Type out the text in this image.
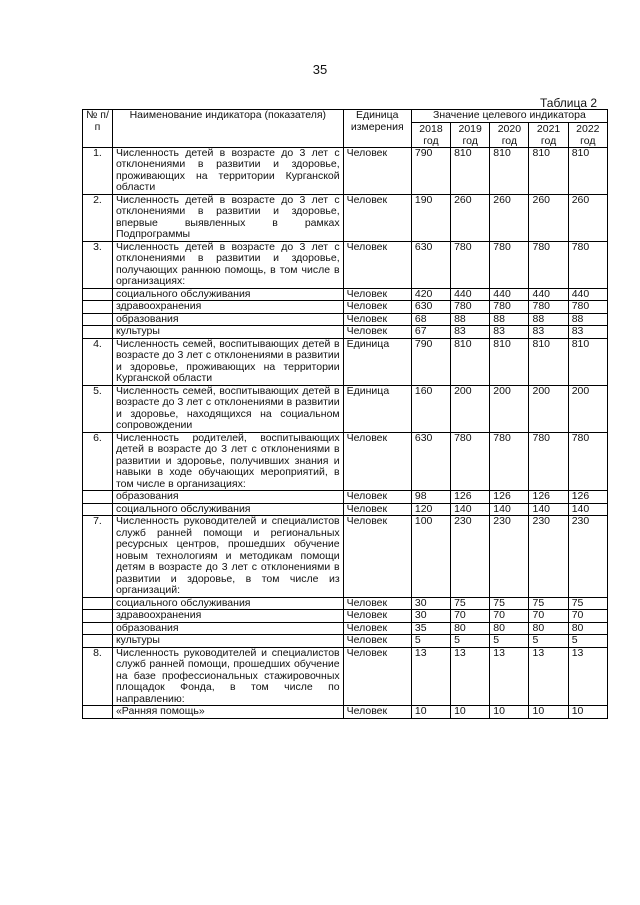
35
Таблица 2
№ п/п	Наименование индикатора (показателя)	Единица измерения	Значение целевого индикатора				
			2018 год	2019 год	2020 год	2021 год	2022 год
1.	Численность детей в возрасте до 3 лет с отклонениями в развитии и здоровье, проживающих на территории Курганской области	Человек	790	810	810	810	810
2.	Численность детей в возрасте до 3 лет с отклонениями в развитии и здоровье, впервые выявленных в рамках Подпрограммы	Человек	190	260	260	260	260
3.	Численность детей в возрасте до 3 лет с отклонениями в развитии и здоровье, получающих раннюю помощь, в том числе в организациях:	Человек	630	780	780	780	780
	социального обслуживания	Человек	420	440	440	440	440
	здравоохранения	Человек	630	780	780	780	780
	образования	Человек	68	88	88	88	88
	культуры	Человек	67	83	83	83	83
4.	Численность семей, воспитывающих детей в возрасте до 3 лет с отклонениями в развитии и здоровье, проживающих на территории Курганской области	Единица	790	810	810	810	810
5.	Численность семей, воспитывающих детей в возрасте до 3 лет с отклонениями в развитии и здоровье, находящихся на социальном сопровождении	Единица	160	200	200	200	200
6.	Численность родителей, воспитывающих детей в возрасте до 3 лет с отклонениями в развитии и здоровье, получивших знания и навыки в ходе обучающих мероприятий, в том числе в организациях:	Человек	630	780	780	780	780
	образования	Человек	98	126	126	126	126
	социального обслуживания	Человек	120	140	140	140	140
7.	Численность руководителей и специалистов служб ранней помощи и региональных ресурсных центров, прошедших обучение новым технологиям и методикам помощи детям в возрасте до 3 лет с отклонениями в развитии и здоровье, в том числе из организаций:	Человек	100	230	230	230	230
	социального обслуживания	Человек	30	75	75	75	75
	здравоохранения	Человек	30	70	70	70	70
	образования	Человек	35	80	80	80	80
	культуры	Человек	5	5	5	5	5
8.	Численность руководителей и специалистов служб ранней помощи, прошедших обучение на базе профессиональных стажировочных площадок Фонда, в том числе по направлению:	Человек	13	13	13	13	13
	«Ранняя помощь»	Человек	10	10	10	10	10
